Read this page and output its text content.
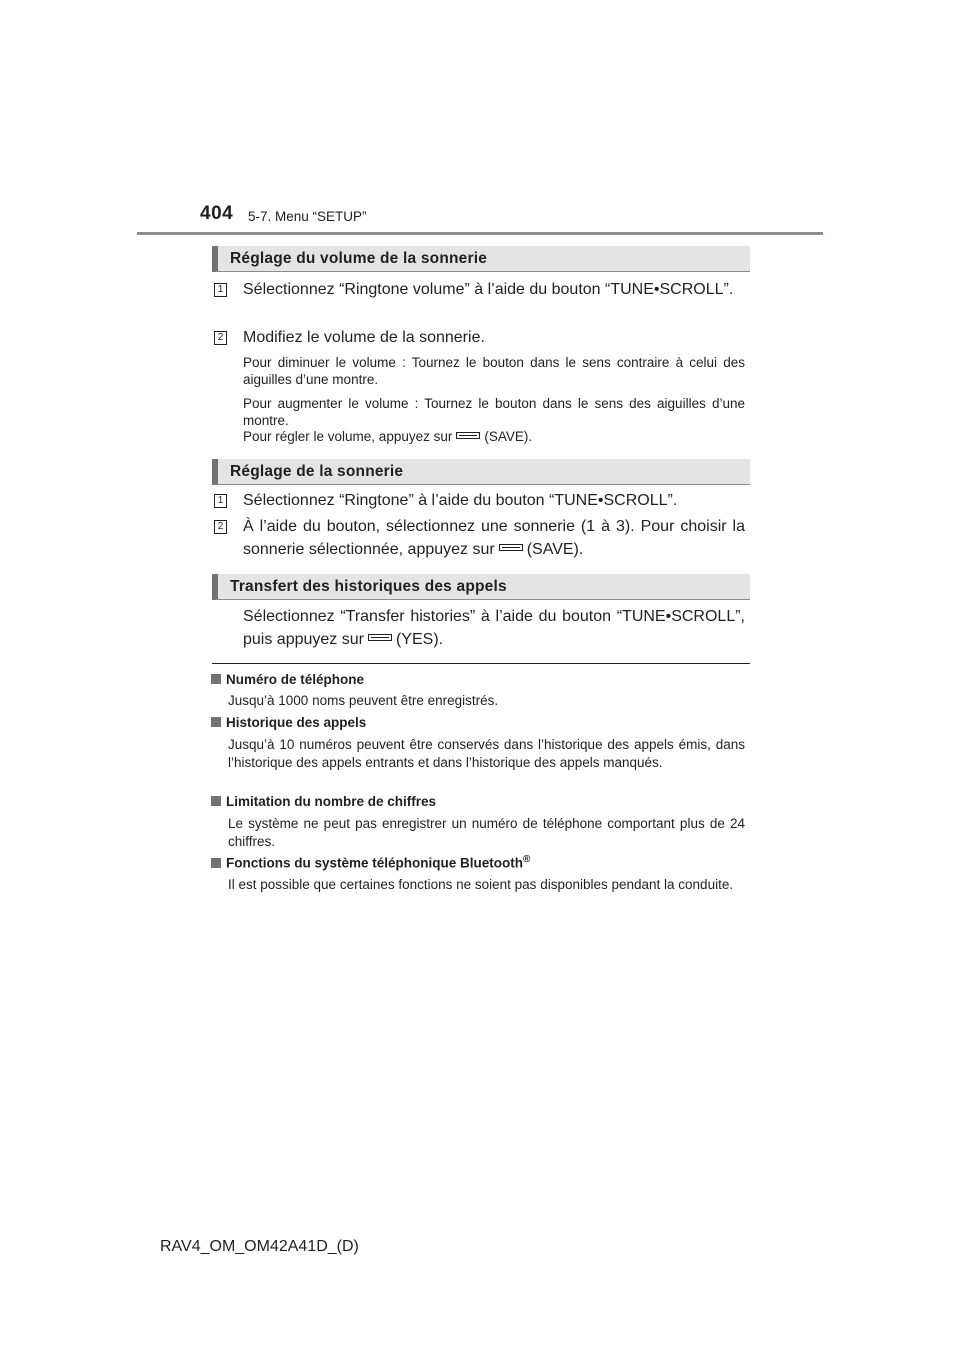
404 5-7. Menu “SETUP”
Réglage du volume de la sonnerie
1 Sélectionnez “Ringtone volume” à l’aide du bouton “TUNE•SCROLL”.
2 Modifiez le volume de la sonnerie.
Pour diminuer le volume : Tournez le bouton dans le sens contraire à celui des aiguilles d’une montre.
Pour augmenter le volume : Tournez le bouton dans le sens des aiguilles d’une montre.
Pour régler le volume, appuyez sur (SAVE).
Réglage de la sonnerie
1 Sélectionnez “Ringtone” à l’aide du bouton “TUNE•SCROLL”.
2 À l’aide du bouton, sélectionnez une sonnerie (1 à 3). Pour choisir la sonnerie sélectionnée, appuyez sur (SAVE).
Transfert des historiques des appels
Sélectionnez “Transfer histories” à l’aide du bouton “TUNE•SCROLL”, puis appuyez sur (YES).
Numéro de téléphone
Jusqu’à 1000 noms peuvent être enregistrés.
Historique des appels
Jusqu’à 10 numéros peuvent être conservés dans l’historique des appels émis, dans l’historique des appels entrants et dans l’historique des appels manqués.
Limitation du nombre de chiffres
Le système ne peut pas enregistrer un numéro de téléphone comportant plus de 24 chiffres.
Fonctions du système téléphonique Bluetooth®
Il est possible que certaines fonctions ne soient pas disponibles pendant la conduite.
RAV4_OM_OM42A41D_(D)
